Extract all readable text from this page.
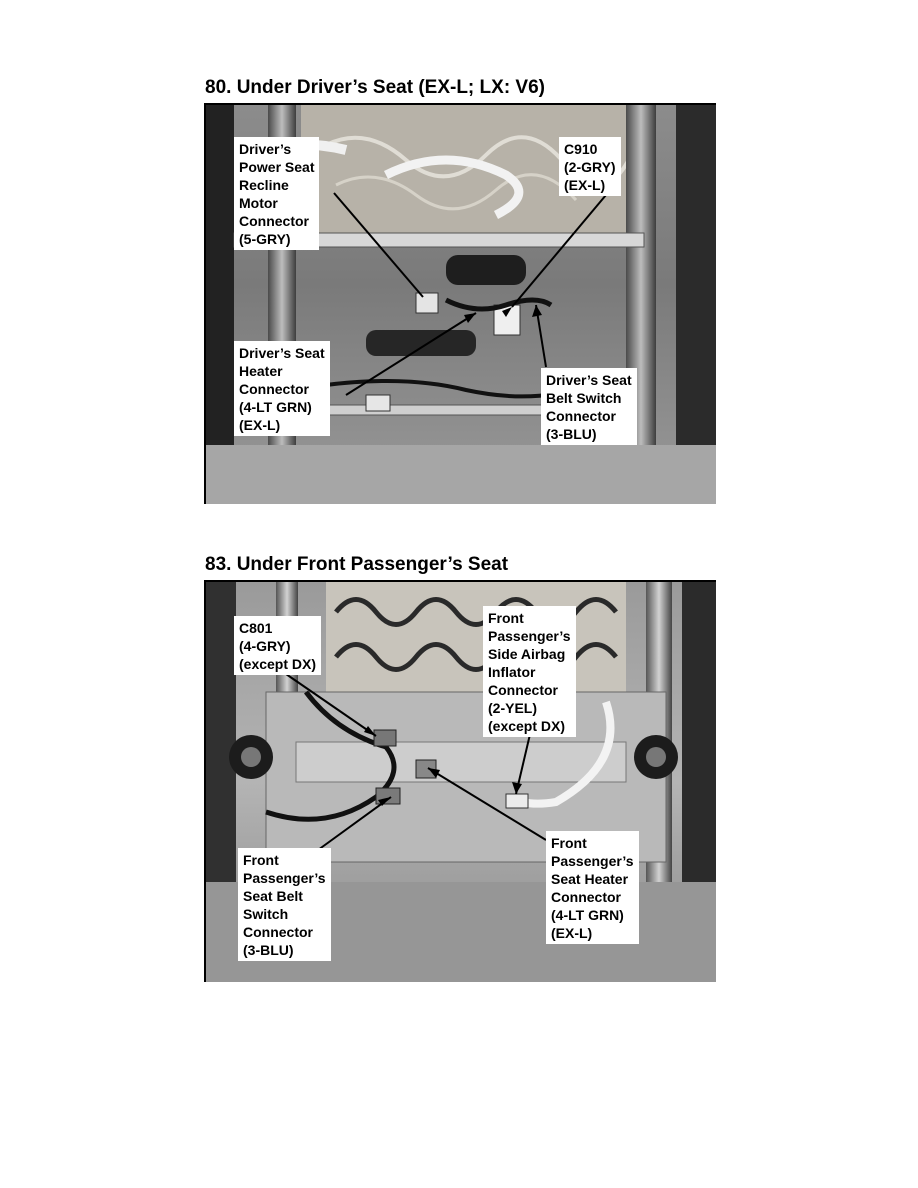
80. Under Driver’s Seat (EX-L; LX: V6)
Driver’s
Power Seat
Recline
Motor
Connector
(5-GRY)
C910
(2-GRY)
(EX-L)
Driver’s Seat
Heater
Connector
(4-LT GRN)
(EX-L)
Driver’s Seat
Belt Switch
Connector
(3-BLU)
83. Under Front Passenger’s Seat
C801
(4-GRY)
(except DX)
Front
Passenger’s
Side Airbag
Inflator
Connector
(2-YEL)
(except DX)
Front
Passenger’s
Seat Belt
Switch
Connector
(3-BLU)
Front
Passenger’s
Seat Heater
Connector
(4-LT GRN)
(EX-L)
